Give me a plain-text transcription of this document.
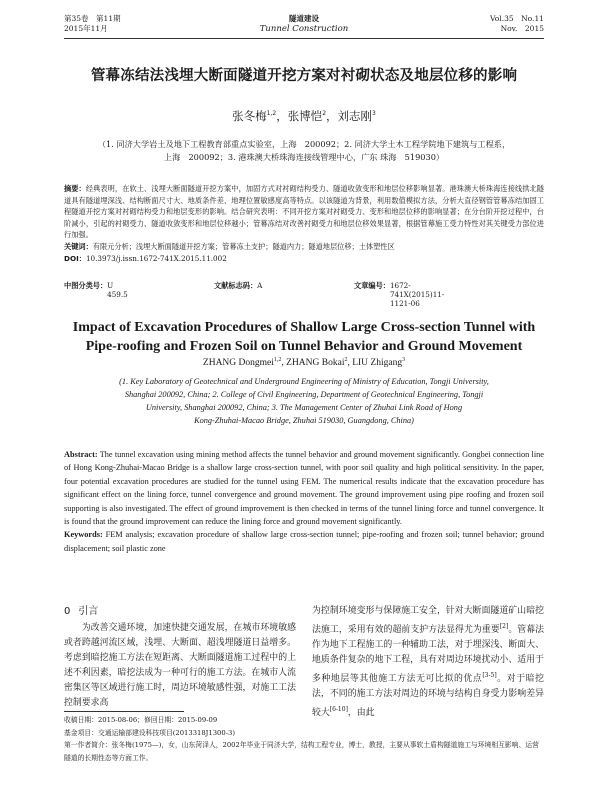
第35卷　第11期
2015年11月
隧道建设
Tunnel Construction
Vol.35　No.11
Nov.　2015
管幕冻结法浅埋大断面隧道开挖方案对衬砌状态及地层位移的影响
张冬梅$^{1,2}$，张博恺$^2$，刘志刚$^3$
（1. 同济大学岩土及地下工程教育部重点实验室，上海　200092；2. 同济大学土木工程学院地下建筑与工程系，
上海　200092；3. 港珠澳大桥珠海连接线管理中心，广东 珠海　519030）
摘要：经典表明，在软土、浅埋大断面隧道开挖方案中，加固方式对衬砌结构受力、隧道收敛变形和地层位移影响显著。港珠澳大桥珠海连接线拱北隧道具有隧道埋深浅、结构断面尺寸大、地质条件差、地理位置敏感度高等特点。以该隧道为背景，利用数值模拟方法，分析大直径钢管管幕冻结加固工程隧道开挖方案对衬砌结构受力和地层变形的影响。结合研究表明：不同开挖方案对衬砌受力、变形和地层位移的影响显著；在分台阶开挖过程中，台阶减小，引起的衬砌受力、隧道收敛变形和地层位移越小；管幕冻结对改善衬砌受力和地层位移效果显著，根据管幕施工受力特性对其关键受力部位进行加强。
关键词：有限元分析；浅埋大断面隧道开挖方案；管幕冻土支护；隧道内力；隧道地层位移；土体塑性区
DOI：10.3973/j.issn.1672-741X.2015.11.002
中图分类号： U 459.5
文献标志码： A	文章编号： 1672-741X(2015)11-1121-06
Impact of Excavation Procedures of Shallow Large Cross-section Tunnel with
Pipe-roofing and Frozen Soil on Tunnel Behavior and Ground Movement
ZHANG Dongmei$^{1,2}$, ZHANG Bokai$^2$, LIU Zhigang$^3$
(1. Key Laboratory of Geotechnical and Underground Engineering of Ministry of Education, Tongji University,
Shanghai 200092, China; 2. College of Civil Engineering, Department of Geotechnical Engineering, Tongji
University, Shanghai 200092, China; 3. The Management Center of Zhuhai Link Road of Hong
Kong-Zhuhai-Macao Bridge, Zhuhai 519030, Guangdong, China)
Abstract: The tunnel excavation using mining method affects the tunnel behavior and ground movement significantly. Gongbei connection line of Hong Kong-Zhuhai-Macao Bridge is a shallow large cross-section tunnel, with poor soil quality and high political sensitivity. In the paper, four potential excavation procedures are studied for the tunnel using FEM. The numerical results indicate that the excavation procedure has significant effect on the lining force, tunnel convergence and ground movement. The ground improvement using pipe roofing and frozen soil supporting is also investigated. The effect of ground improvement is then checked in terms of the tunnel lining force and tunnel convergence. It is found that the ground improvement can reduce the lining force and ground movement significantly.
Keywords: FEM analysis; excavation procedure of shallow large cross-section tunnel; pipe-roofing and frozen soil; tunnel behavior; ground displacement; soil plastic zone
0 引言
为改善交通环境，加速快捷交通发展，在城市环境敏感或者跨越河流区域，浅埋、大断面、超浅埋隧道日益增多。考虑到暗挖施工方法在短距离、大断面隧道施工过程中的上述不利因素，暗挖法成为一种可行的施工方法。在城市人流密集区等区域进行施工时，周边环境敏感性强，对施工工法控制要求高
为控制环境变形与保障施工安全，针对大断面隧道矿山暗挖法施工，采用有效的超前支护方法显得尤为重要[2]。管幕法作为地下工程施工的一种辅助工法，对于埋深浅、断面大、地质条件复杂的地下工程，具有对周边环境扰动小、适用于多种地层等其他施工方法无可比拟的优点[3-5]。对于暗挖法，不同的施工方法对周边的环境与结构自身受力影响差异较大[6-10]，由此
收稿日期：2015-08-06；修回日期：2015-09-09
基金项目：交通运输部建设科技项目(2013318J1300-3)
第一作者简介：张冬梅(1975—)，女，山东菏泽人，2002年毕业于同济大学，结构工程专业，博士，教授，主要从事软土盾构隧道施工与环境相互影响、运营隧道的长期性态等方面工作。
